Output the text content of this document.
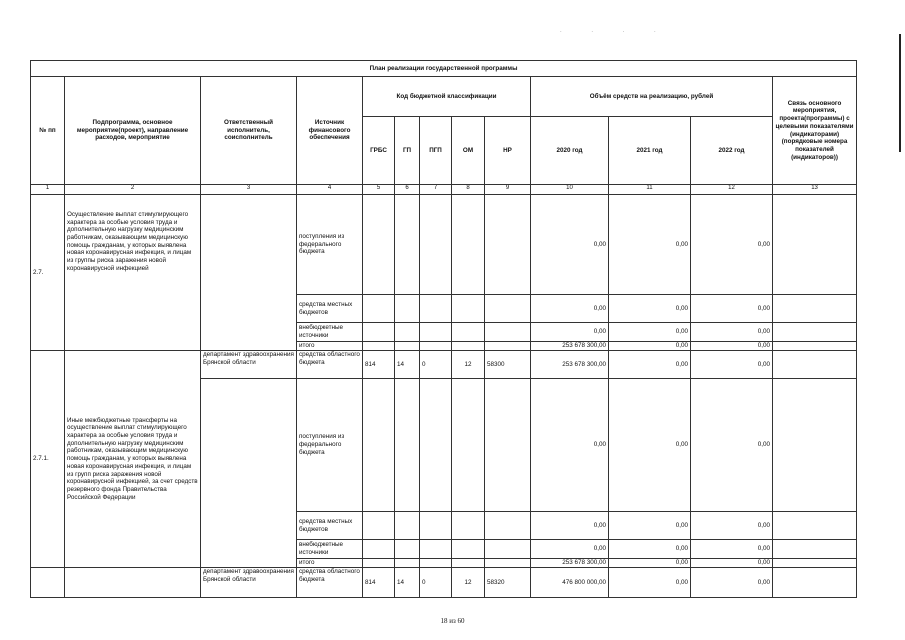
. . . .
План реализации государственной программы												
№ пп	Подпрограмма, основное мероприятие(проект), направление расходов, мероприятие	Ответственный исполнитель, соисполнитель	Источник финансового обеспечения	Код бюджетной классификации					Объём средств на реализацию, рублей			Связь основного мероприятия, проекта(программы) с целевыми показателями (индикаторами) (порядковые номера показателей (индикаторов))
				ГРБС	ГП	ПГП	ОМ	НР	2020 год	2021 год	2022 год	
1	2	3	4	5	6	7	8	9	10	11	12	13
2.7.	Осуществление выплат стимулирующего характера за особые условия труда и дополнительную нагрузку медицинским работникам, оказывающим медицинскую помощь гражданам, у которых выявлена новая коронавирусная инфекция, и лицам из группы риска заражения новой коронавирусной инфекцией		поступления из федерального бюджета						0,00	0,00	0,00	
			средства местных бюджетов						0,00	0,00	0,00	
			внебюджетные источники						0,00	0,00	0,00	
			итого						253 678 300,00	0,00	0,00	
2.7.1.	Иные межбюджетные трансферты на осуществление выплат стимулирующего характера за особые условия труда и дополнительную нагрузку медицинским работникам, оказывающим медицинскую помощь гражданам, у которых выявлена новая коронавирусная инфекция, и лицам из групп риска заражения новой коронавирусной инфекцией, за счет средств резервного фонда Правительства Российской Федерации	департамент здравоохранения Брянской области	средства областного бюджета	814	14	0	12	58300	253 678 300,00	0,00	0,00	
			поступления из федерального бюджета						0,00	0,00	0,00	
			средства местных бюджетов						0,00	0,00	0,00	
			внебюджетные источники						0,00	0,00	0,00	
			итого						253 678 300,00	0,00	0,00	
		департамент здравоохранения Брянской области	средства областного бюджета	814	14	0	12	58320	476 800 000,00	0,00	0,00	
18 из 60
